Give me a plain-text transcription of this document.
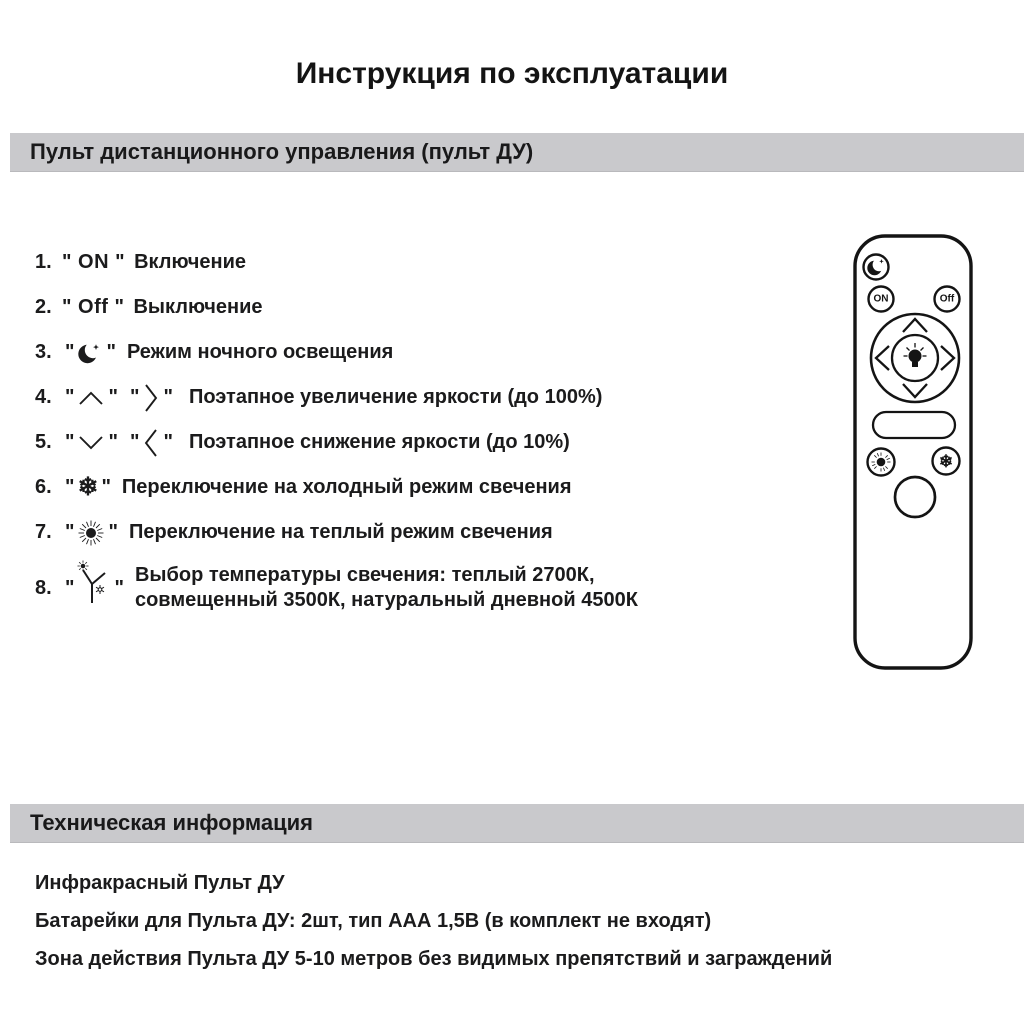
Инструкция по эксплуатации
Пульт дистанционного управления (пульт ДУ)
1. " ON " Включение
2. " Off " Выключение
3. " " Режим ночного освещения
4. " " " " Поэтапное увеличение яркости (до 100%)
5. " " " " Поэтапное снижение яркости (до 10%)
6. " ❄ " Переключение на холодный режим свечения
7. " " Переключение на теплый режим свечения
8. " "
Выбор температуры свечения: теплый 2700К,
совмещенный 3500К, натуральный дневной 4500К
ON	Off
❄
Техническая информация

Инфракрасный Пульт ДУ

Батарейки для Пульта ДУ: 2шт, тип ААА 1,5В (в комплект не входят)

Зона действия Пульта ДУ 5-10 метров без видимых препятствий и заграждений
